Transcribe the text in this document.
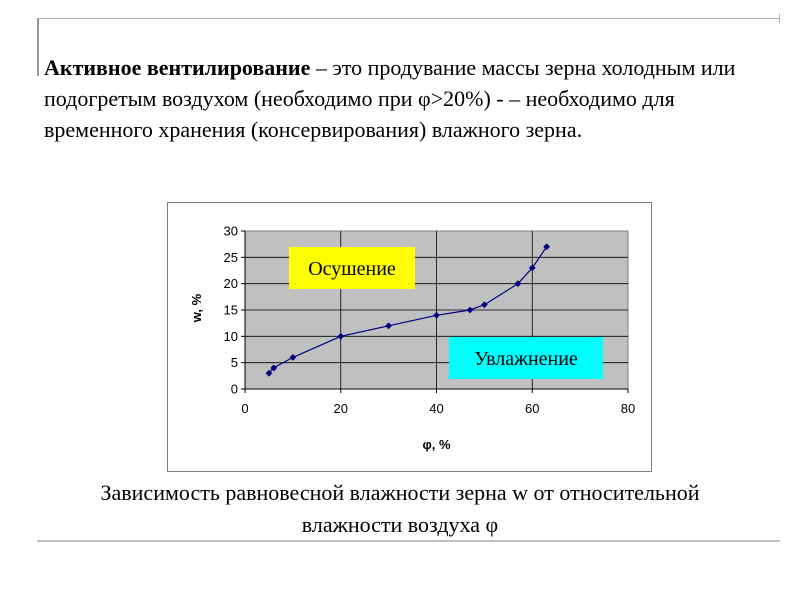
Активное вентилирование – это продувание массы зерна холодным или подогретым воздухом (необходимо при φ>20%) - – необходимо для временного хранения (консервирования) влажного зерна.
0
5
10
15
20
25
30
0	20	40	60	80
φ, %
w, %
Осушение
Увлажнение
Зависимость равновесной влажности зерна w от относительной влажности воздуха φ
